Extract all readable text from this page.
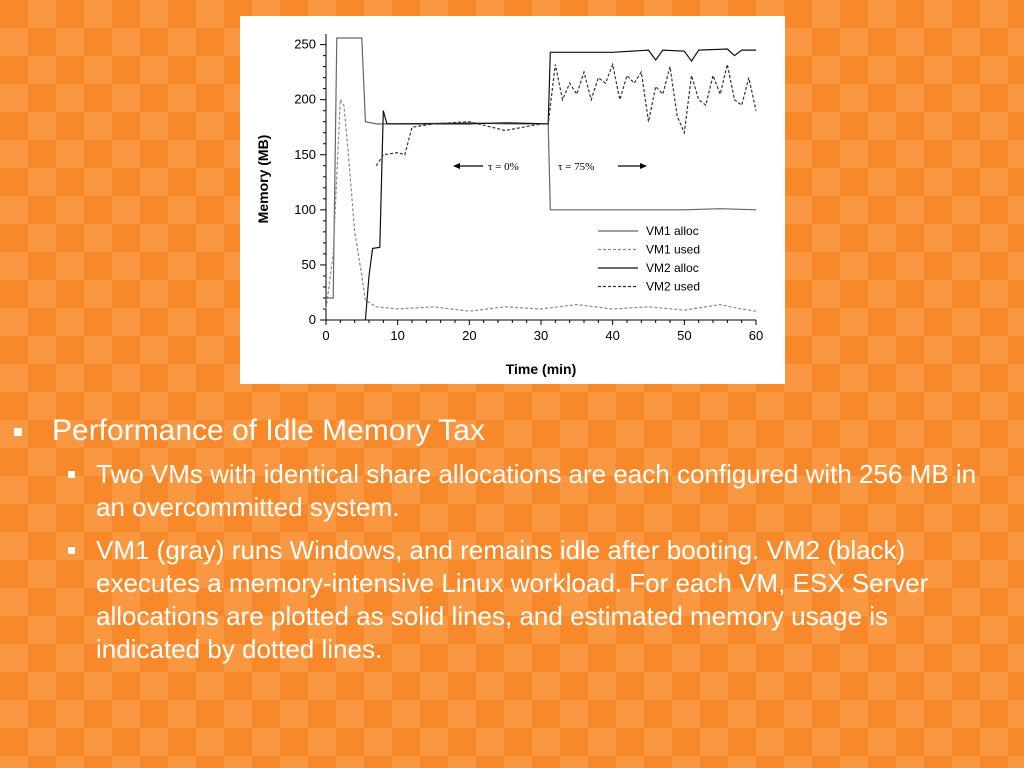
0	10	20	30	40	50	60
0
50
100
150
200
250
Time (min)
Memory (MB)
VM1 alloc
VM1 used
VM2 alloc
VM2 used
τ = 0%	τ = 75%

Performance of Idle Memory Tax

Two VMs with identical share allocations are each configured with 256 MB in an overcommitted system.
VM1 (gray) runs Windows, and remains idle after booting. VM2 (black) executes a memory-intensive Linux workload. For each VM, ESX Server allocations are plotted as solid lines, and estimated memory usage is indicated by dotted lines.
